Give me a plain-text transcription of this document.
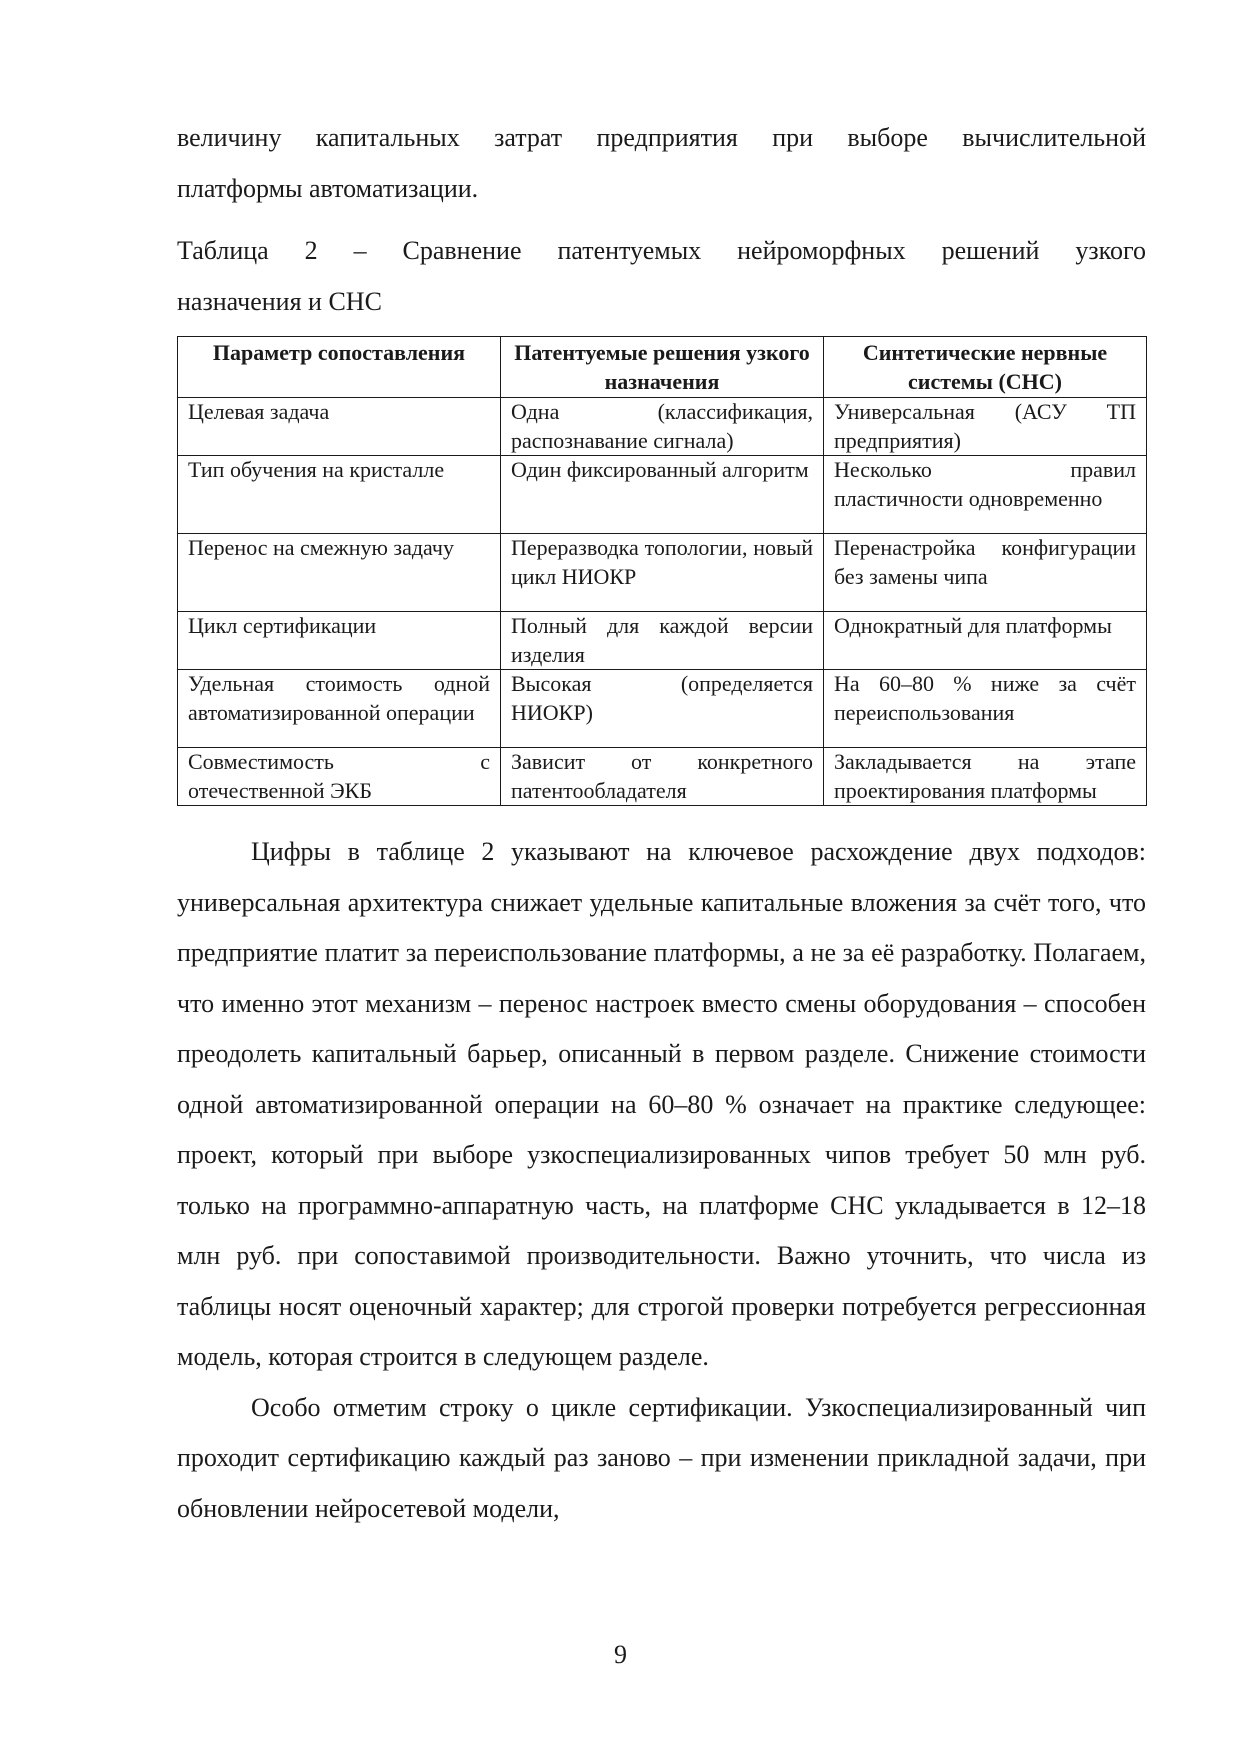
величину капитальных затрат предприятия при выборе вычислительной

платформы автоматизации.

Таблица 2 – Сравнение патентуемых нейроморфных решений узкого

назначения и СНС

Параметр сопоставления	Патентуемые решения узкого назначения	Синтетические нервные системы (СНС)
Целевая задача	Одна (классификация, распознавание сигнала)	Универсальная (АСУ ТП предприятия)
Тип обучения на кристалле	Один фиксированный алгоритм	Несколько правил пластичности одновременно
Перенос на смежную задачу	Переразводка топологии, новый цикл НИОКР	Перенастройка конфигурации без замены чипа
Цикл сертификации	Полный для каждой версии изделия	Однократный для платформы
Удельная стоимость одной автоматизированной операции	Высокая (определяется НИОКР)	На 60–80 % ниже за счёт переиспользования
Совместимость с отечественной ЭКБ	Зависит от конкретного патентообладателя	Закладывается на этапе проектирования платформы

Цифры в таблице 2 указывают на ключевое расхождение двух подходов: универсальная архитектура снижает удельные капитальные вложения за счёт того, что предприятие платит за переиспользование платформы, а не за её разработку. Полагаем, что именно этот механизм – перенос настроек вместо смены оборудования – способен преодолеть капитальный барьер, описанный в первом разделе. Снижение стоимости одной автоматизированной операции на 60–80 % означает на практике следующее: проект, который при выборе узкоспециализированных чипов требует 50 млн руб. только на программно-аппаратную часть, на платформе СНС укладывается в 12–18 млн руб. при сопоставимой производительности. Важно уточнить, что числа из таблицы носят оценочный характер; для строгой проверки потребуется регрессионная модель, которая строится в следующем разделе.

Особо отметим строку о цикле сертификации. Узкоспециализированный чип проходит сертификацию каждый раз заново – при изменении прикладной задачи, при обновлении нейросетевой модели,

9
